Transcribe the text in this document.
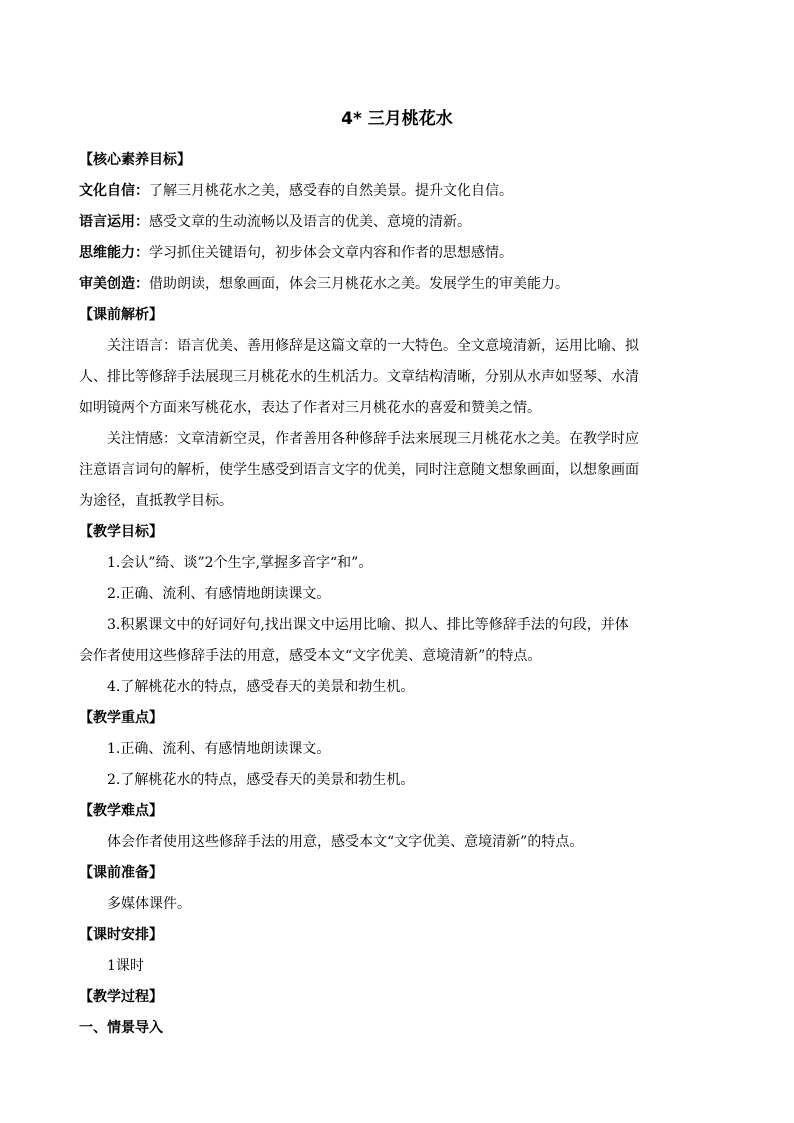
4* 三月桃花水
【核心素养目标】
文化自信：了解三月桃花水之美，感受春的自然美景。提升文化自信。
语言运用：感受文章的生动流畅以及语言的优美、意境的清新。
思维能力：学习抓住关键语句，初步体会文章内容和作者的思想感情。
审美创造：借助朗读，想象画面，体会三月桃花水之美。发展学生的审美能力。
【课前解析】
关注语言：语言优美、善用修辞是这篇文章的一大特色。全文意境清新，运用比喻、拟
人、排比等修辞手法展现三月桃花水的生机活力。文章结构清晰，分别从水声如竖琴、水清
如明镜两个方面来写桃花水，表达了作者对三月桃花水的喜爱和赞美之情。
关注情感：文章清新空灵，作者善用各种修辞手法来展现三月桃花水之美。在教学时应
注意语言词句的解析，使学生感受到语言文字的优美，同时注意随文想象画面，以想象画面
为途径，直抵教学目标。
【教学目标】
1.会认”绮、谈”2个生字,掌握多音字“和”。
2.正确、流利、有感情地朗读课文。
3.积累课文中的好词好句,找出课文中运用比喻、拟人、排比等修辞手法的句段，并体
会作者使用这些修辞手法的用意，感受本文“文字优美、意境清新”的特点。
4.了解桃花水的特点，感受春天的美景和勃生机。
【教学重点】
1.正确、流利、有感情地朗读课文。
2.了解桃花水的特点，感受春天的美景和勃生机。
【教学难点】
体会作者使用这些修辞手法的用意，感受本文“文字优美、意境清新”的特点。
【课前准备】
多媒体课件。
【课时安排】
1课时
【教学过程】
一、情景导入
